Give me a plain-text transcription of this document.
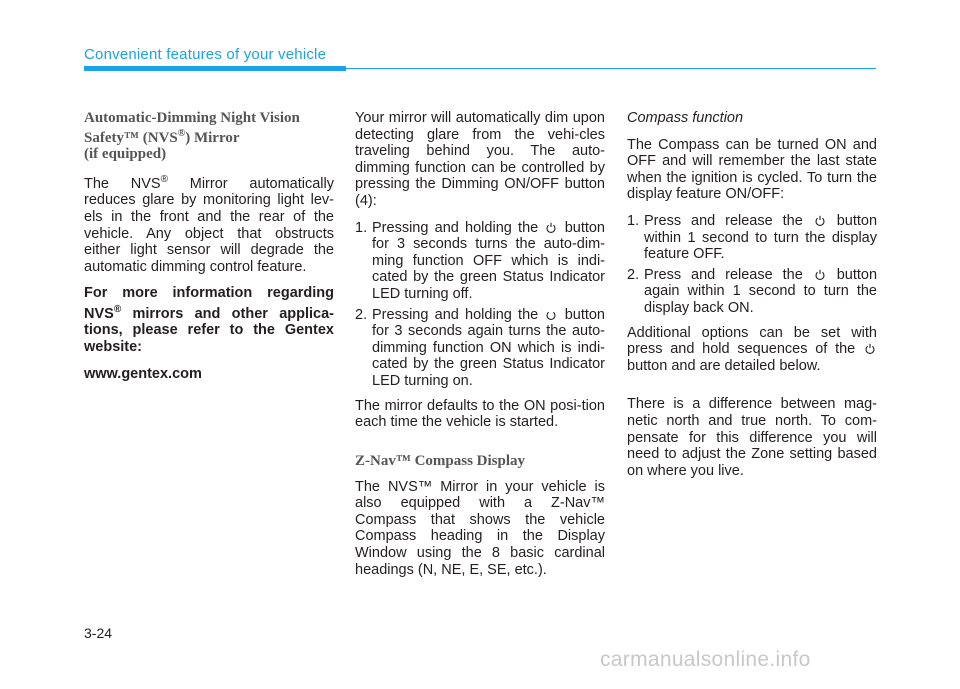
Convenient features of your vehicle
Automatic-Dimming Night Vision
Safety™ (NVS®) Mirror
(if equipped)

The NVS® Mirror automatically reduces glare by monitoring light lev-els in the front and the rear of the vehicle. Any object that obstructs either light sensor will degrade the automatic dimming control feature.

For more information regarding NVS® mirrors and other applica-tions, please refer to the Gentex website:

www.gentex.com

Your mirror will automatically dim upon detecting glare from the vehi-cles traveling behind you. The auto-dimming function can be controlled by pressing the Dimming ON/OFF button (4):

1. Pressing and holding the button for 3 seconds turns the auto-dim-ming function OFF which is indi-cated by the green Status Indicator LED turning off.
2. Pressing and holding the button for 3 seconds again turns the auto-dimming function ON which is indi-cated by the green Status Indicator LED turning on.

The mirror defaults to the ON posi-tion each time the vehicle is started.

Z-Nav™ Compass Display

The NVS™ Mirror in your vehicle is also equipped with a Z-Nav™ Compass that shows the vehicle Compass heading in the Display Window using the 8 basic cardinal headings (N, NE, E, SE, etc.).

Compass function

The Compass can be turned ON and OFF and will remember the last state when the ignition is cycled. To turn the display feature ON/OFF:

1. Press and release the button within 1 second to turn the display feature OFF.
2. Press and release the button again within 1 second to turn the display back ON.

Additional options can be set with press and hold sequences of the
button and are detailed below.

There is a difference between mag-netic north and true north. To com-pensate for this difference you will need to adjust the Zone setting based on where you live.

3-24
carmanualsonline.info
